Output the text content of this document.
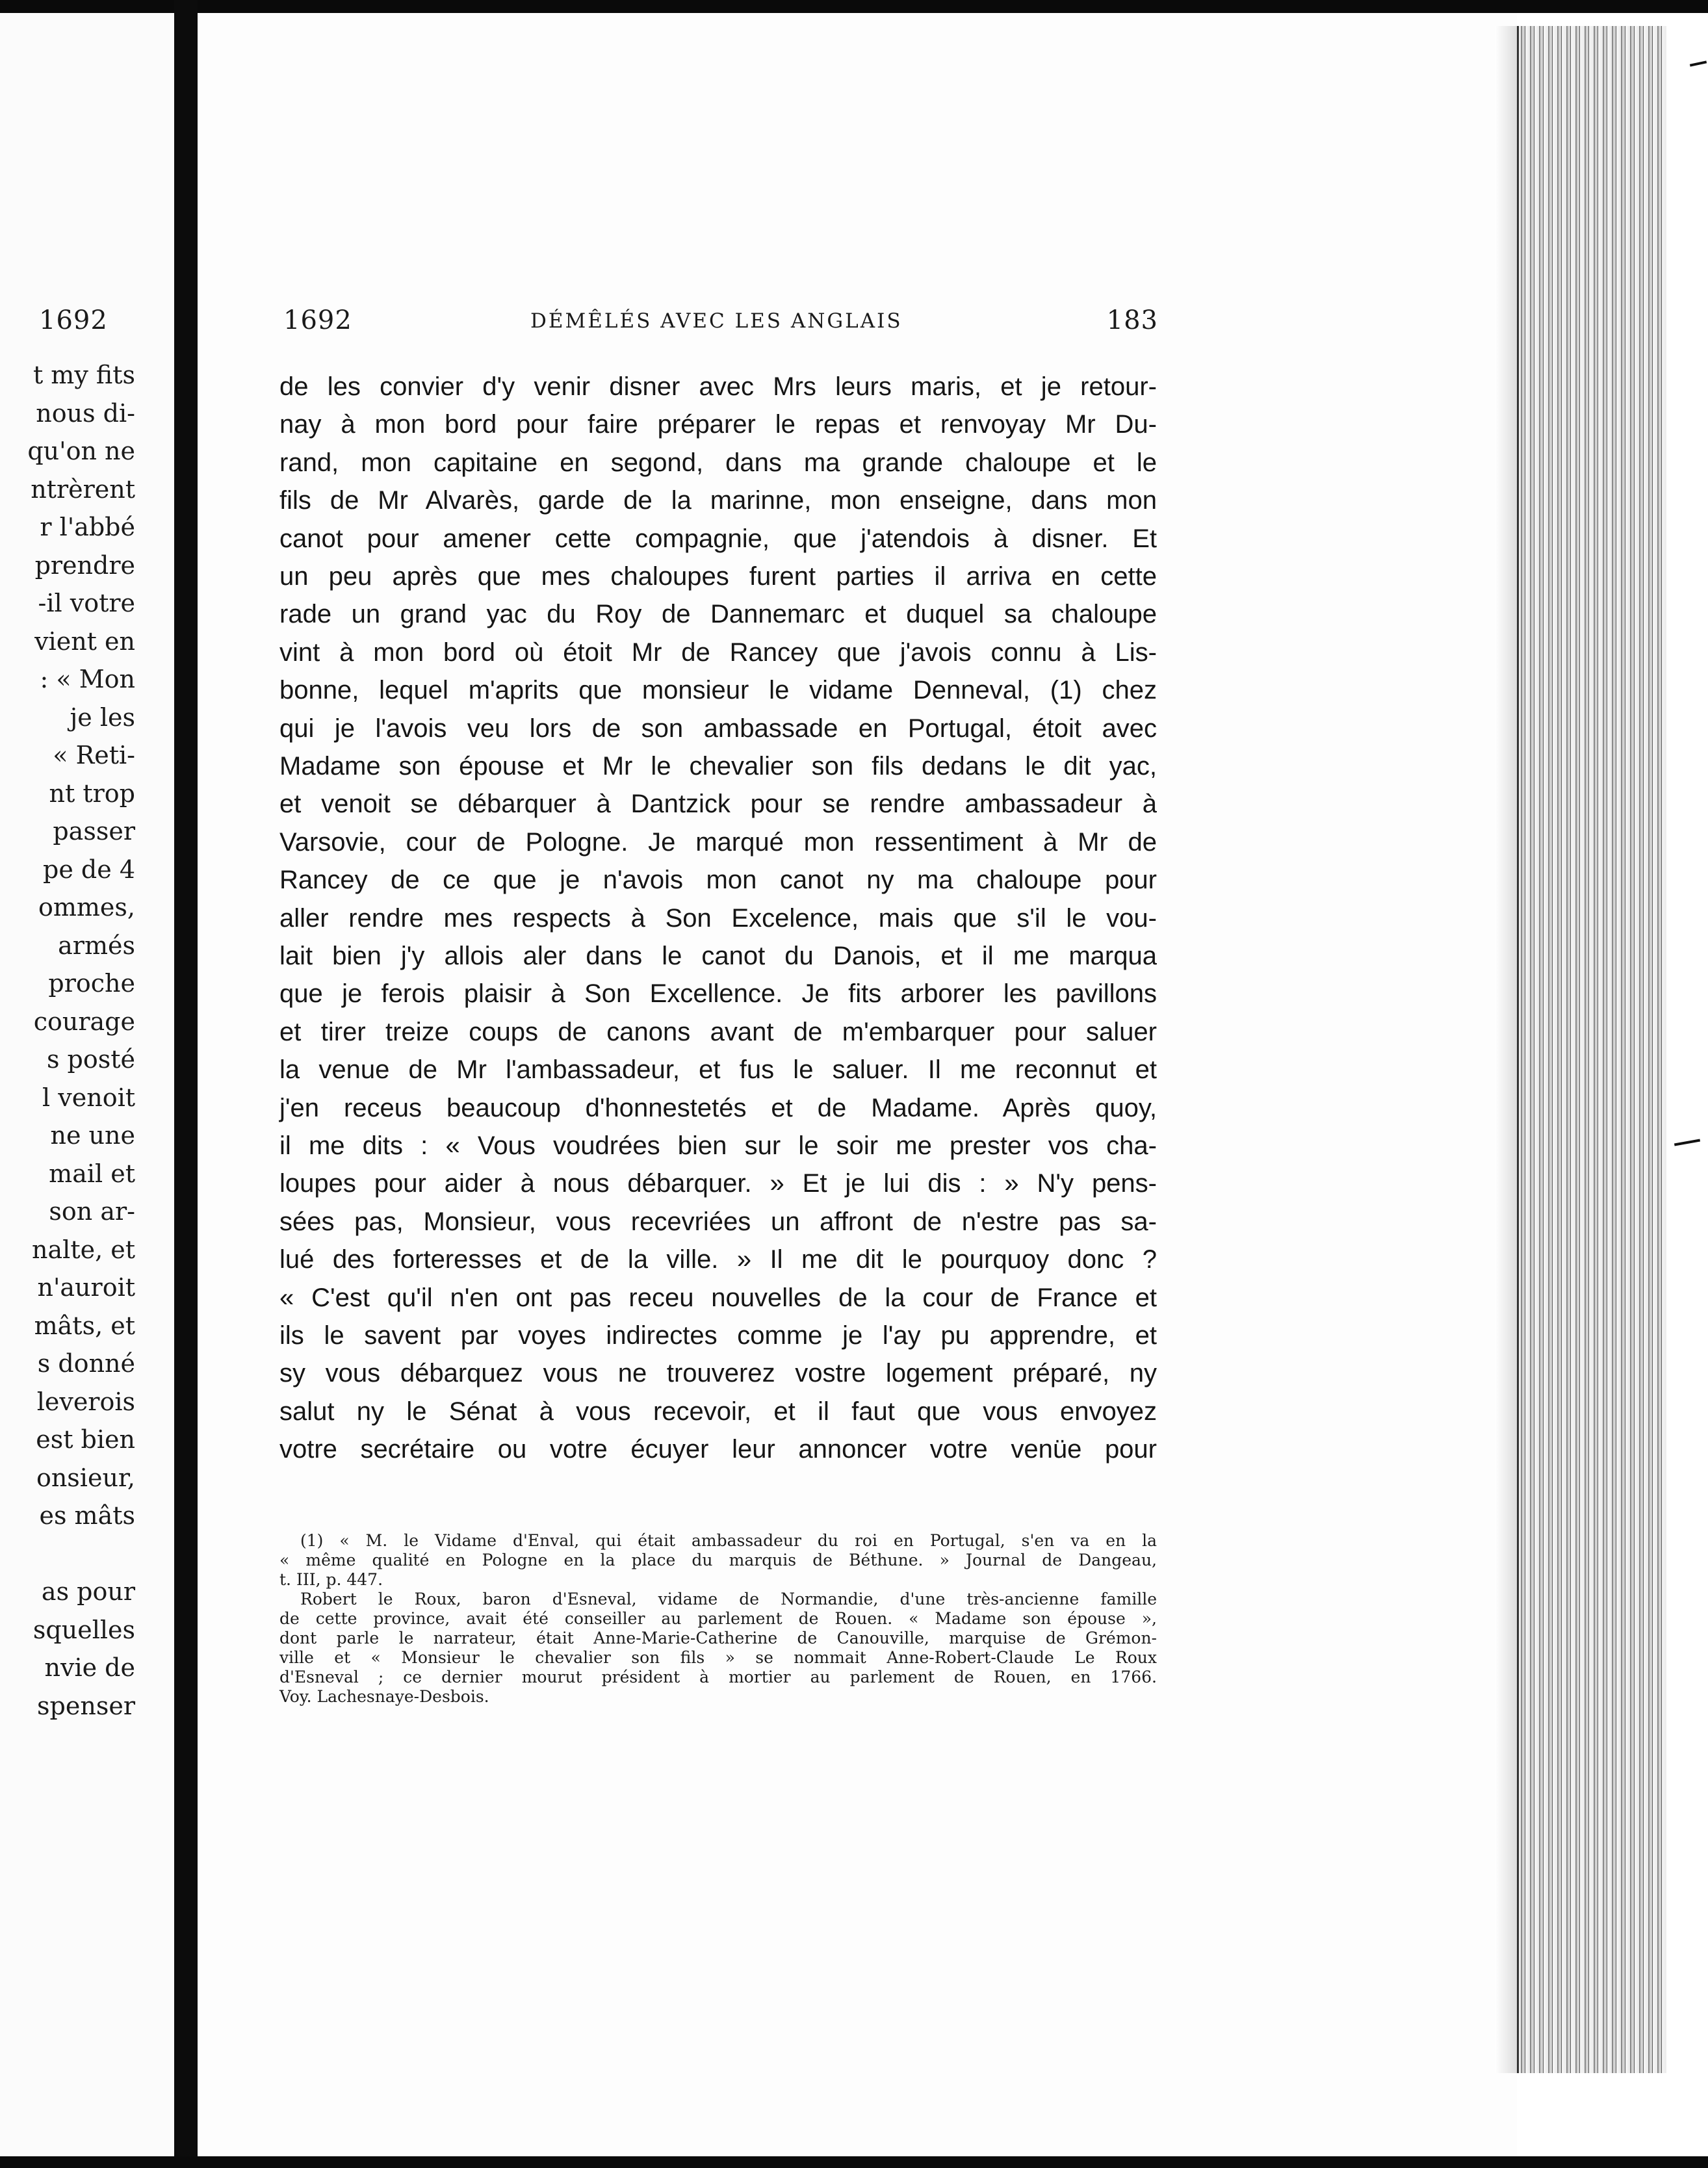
1692
t my fits
nous di-
qu'on ne
ntrèrent
r l'abbé
prendre
-il votre
vient en
: « Mon
je les
« Reti-
nt trop
passer
pe de 4
ommes,
armés
proche
courage
s posté
l venoit
ne une
mail et
son ar-
nalte, et
n'auroit
mâts, et
s donné
leverois
est bien
onsieur,
es mâts
as pour
squelles
nvie de
spenser
1692	DÉMÊLÉS AVEC LES ANGLAIS	183
de les convier d'y venir disner avec Mrs leurs maris, et je retour-
nay à mon bord pour faire préparer le repas et renvoyay Mr Du-
rand, mon capitaine en segond, dans ma grande chaloupe et le
fils de Mr Alvarès, garde de la marinne, mon enseigne, dans mon
canot pour amener cette compagnie, que j'atendois à disner. Et
un peu après que mes chaloupes furent parties il arriva en cette
rade un grand yac du Roy de Dannemarc et duquel sa chaloupe
vint à mon bord où étoit Mr de Rancey que j'avois connu à Lis-
bonne, lequel m'aprits que monsieur le vidame Denneval, (1) chez
qui je l'avois veu lors de son ambassade en Portugal, étoit avec
Madame son épouse et Mr le chevalier son fils dedans le dit yac,
et venoit se débarquer à Dantzick pour se rendre ambassadeur à
Varsovie, cour de Pologne. Je marqué mon ressentiment à Mr de
Rancey de ce que je n'avois mon canot ny ma chaloupe pour
aller rendre mes respects à Son Excelence, mais que s'il le vou-
lait bien j'y allois aler dans le canot du Danois, et il me marqua
que je ferois plaisir à Son Excellence. Je fits arborer les pavillons
et tirer treize coups de canons avant de m'embarquer pour saluer
la venue de Mr l'ambassadeur, et fus le saluer. Il me reconnut et
j'en receus beaucoup d'honnestetés et de Madame. Après quoy,
il me dits : « Vous voudrées bien sur le soir me prester vos cha-
loupes pour aider à nous débarquer. » Et je lui dis : » N'y pens-
sées pas, Monsieur, vous recevriées un affront de n'estre pas sa-
lué des forteresses et de la ville. » Il me dit le pourquoy donc ?
« C'est qu'il n'en ont pas receu nouvelles de la cour de France et
ils le savent par voyes indirectes comme je l'ay pu apprendre, et
sy vous débarquez vous ne trouverez vostre logement préparé, ny
salut ny le Sénat à vous recevoir, et il faut que vous envoyez
votre secrétaire ou votre écuyer leur annoncer votre venüe pour
(1) « M. le Vidame d'Enval, qui était ambassadeur du roi en Portugal, s'en va en la
« même qualité en Pologne en la place du marquis de Béthune. » Journal de Dangeau,
t. III, p. 447.
Robert le Roux, baron d'Esneval, vidame de Normandie, d'une très-ancienne famille
de cette province, avait été conseiller au parlement de Rouen. « Madame son épouse »,
dont parle le narrateur, était Anne-Marie-Catherine de Canouville, marquise de Grémon-
ville et « Monsieur le chevalier son fils » se nommait Anne-Robert-Claude Le Roux
d'Esneval ; ce dernier mourut président à mortier au parlement de Rouen, en 1766.
Voy. Lachesnaye-Desbois.
